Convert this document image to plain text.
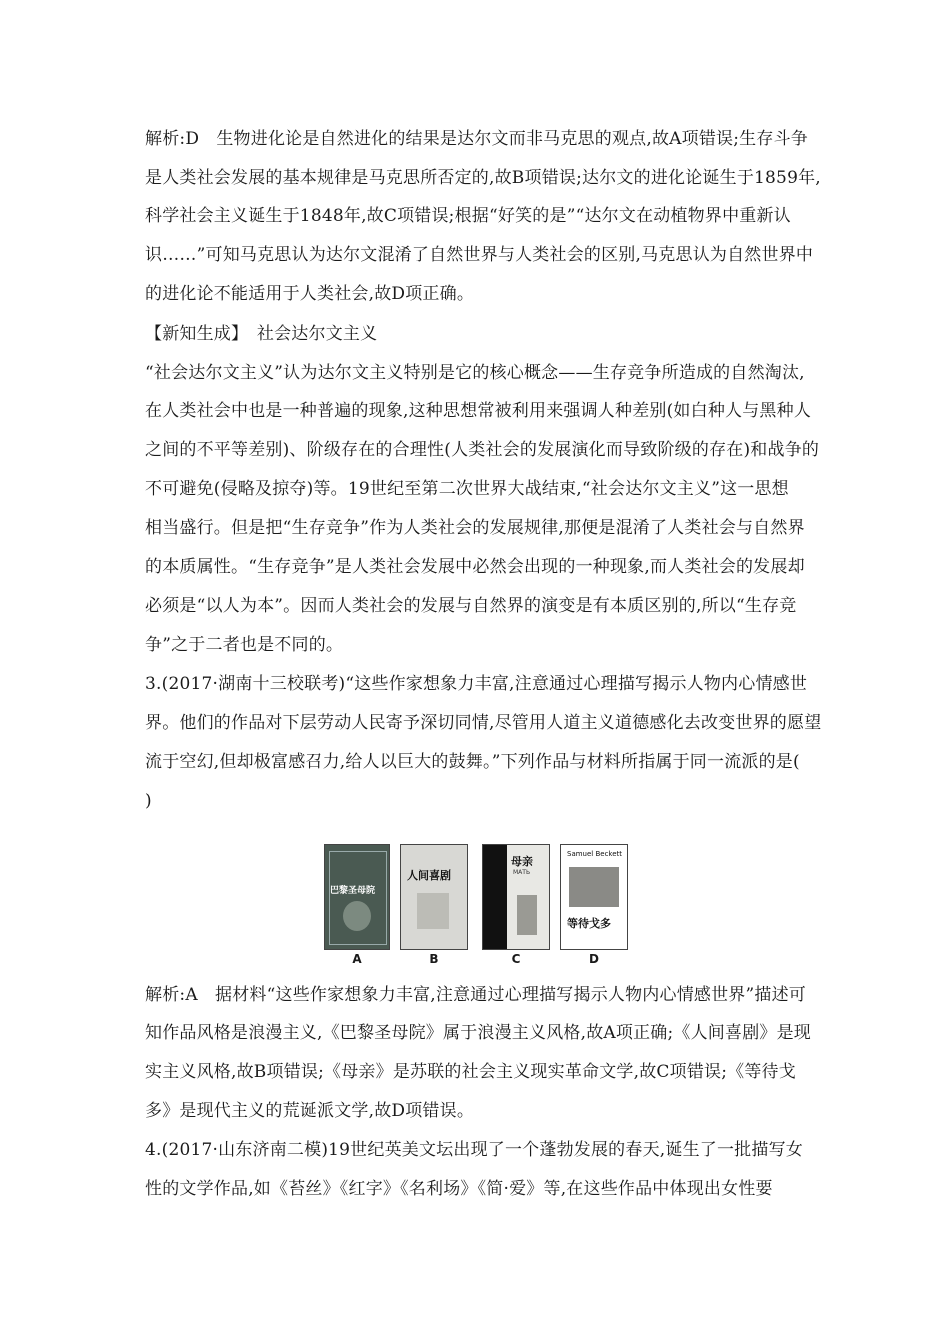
解析:D　生物进化论是自然进化的结果是达尔文而非马克思的观点,故A项错误;生存斗争
是人类社会发展的基本规律是马克思所否定的,故B项错误;达尔文的进化论诞生于1859年,
科学社会主义诞生于1848年,故C项错误;根据“好笑的是”“达尔文在动植物界中重新认
识……”可知马克思认为达尔文混淆了自然世界与人类社会的区别,马克思认为自然世界中
的进化论不能适用于人类社会,故D项正确。
【新知生成】　社会达尔文主义
“社会达尔文主义”认为达尔文主义特别是它的核心概念——生存竞争所造成的自然淘汰,
在人类社会中也是一种普遍的现象,这种思想常被利用来强调人种差别(如白种人与黑种人
之间的不平等差别)、阶级存在的合理性(人类社会的发展演化而导致阶级的存在)和战争的
不可避免(侵略及掠夺)等。19世纪至第二次世界大战结束,“社会达尔文主义”这一思想
相当盛行。但是把“生存竞争”作为人类社会的发展规律,那便是混淆了人类社会与自然界
的本质属性。“生存竞争”是人类社会发展中必然会出现的一种现象,而人类社会的发展却
必须是“以人为本”。因而人类社会的发展与自然界的演变是有本质区别的,所以“生存竞
争”之于二者也是不同的。
3.(2017·湖南十三校联考)“这些作家想象力丰富,注意通过心理描写揭示人物内心情感世
界。他们的作品对下层劳动人民寄予深切同情,尽管用人道主义道德感化去改变世界的愿望
流于空幻,但却极富感召力,给人以巨大的鼓舞。”下列作品与材料所指属于同一流派的是(
)
巴黎圣母院
A
人间喜剧
B
母亲
МАТЬ
C
Samuel Beckett
等待戈多
D
解析:A　据材料“这些作家想象力丰富,注意通过心理描写揭示人物内心情感世界”描述可
知作品风格是浪漫主义,《巴黎圣母院》属于浪漫主义风格,故A项正确;《人间喜剧》是现
实主义风格,故B项错误;《母亲》是苏联的社会主义现实革命文学,故C项错误;《等待戈
多》是现代主义的荒诞派文学,故D项错误。
4.(2017·山东济南二模)19世纪英美文坛出现了一个蓬勃发展的春天,诞生了一批描写女
性的文学作品,如《苔丝》《红字》《名利场》《简·爱》等,在这些作品中体现出女性要
